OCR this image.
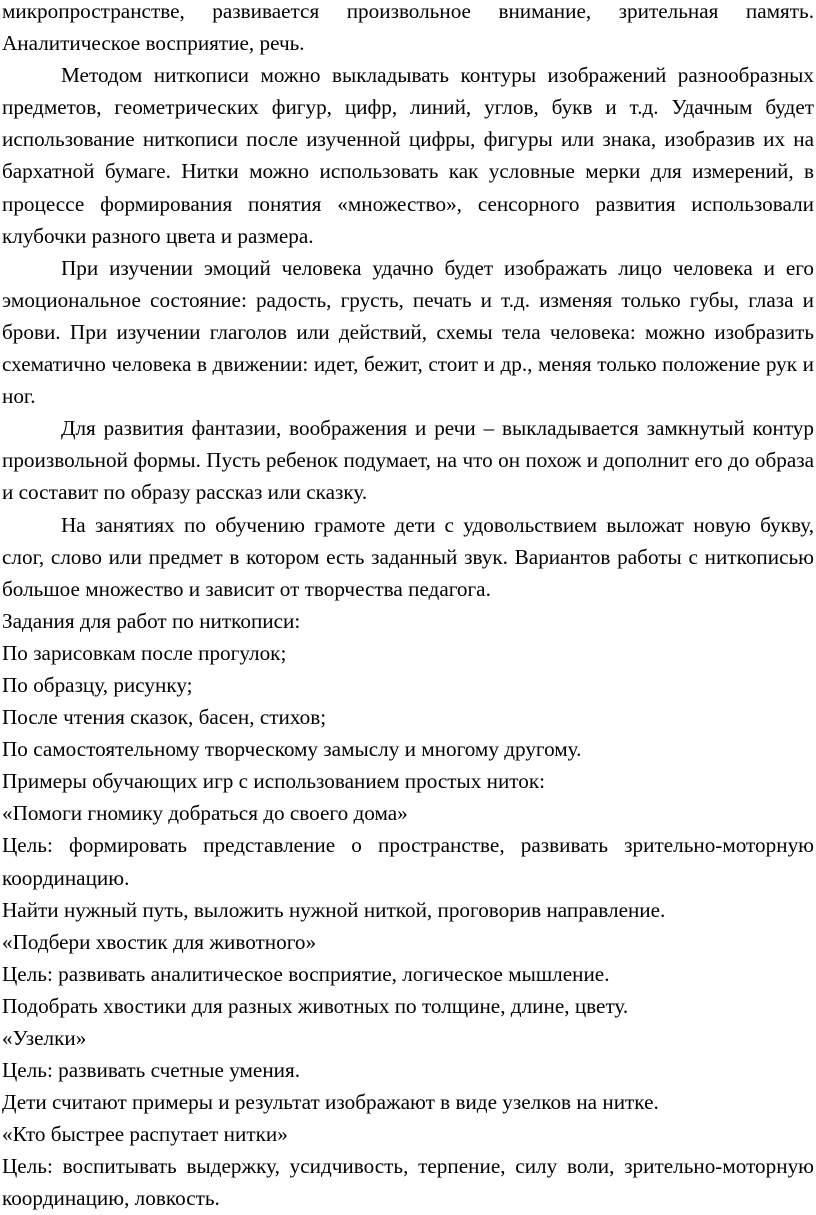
микропространстве, развивается произвольное внимание, зрительная память. Аналитическое восприятие, речь.

Методом ниткописи можно выкладывать контуры изображений разнообразных предметов, геометрических фигур, цифр, линий, углов, букв и т.д. Удачным будет использование ниткописи после изученной цифры, фигуры или знака, изобразив их на бархатной бумаге. Нитки можно использовать как условные мерки для измерений, в процессе формирования понятия «множество», сенсорного развития использовали клубочки разного цвета и размера.

При изучении эмоций человека удачно будет изображать лицо человека и его эмоциональное состояние: радость, грусть, печать и т.д. изменяя только губы, глаза и брови. При изучении глаголов или действий, схемы тела человека: можно изобразить схематично человека в движении: идет, бежит, стоит и др., меняя только положение рук и ног.

Для развития фантазии, воображения и речи – выкладывается замкнутый контур произвольной формы. Пусть ребенок подумает, на что он похож и дополнит его до образа и составит по образу рассказ или сказку.

На занятиях по обучению грамоте дети с удовольствием выложат новую букву, слог, слово или предмет в котором есть заданный звук. Вариантов работы с ниткописью большое множество и зависит от творчества педагога.

Задания для работ по ниткописи:

По зарисовкам после прогулок;

По образцу, рисунку;

После чтения сказок, басен, стихов;

По самостоятельному творческому замыслу и многому другому.

Примеры обучающих игр с использованием простых ниток:

«Помоги гномику добраться до своего дома»

Цель: формировать представление о пространстве, развивать зрительно-моторную координацию.

Найти нужный путь, выложить нужной ниткой, проговорив направление.

«Подбери хвостик для животного»

Цель: развивать аналитическое восприятие, логическое мышление.

Подобрать хвостики для разных животных по толщине, длине, цвету.

«Узелки»

Цель: развивать счетные умения.

Дети считают примеры и результат изображают в виде узелков на нитке.

«Кто быстрее распутает нитки»

Цель: воспитывать выдержку, усидчивость, терпение, силу воли, зрительно-моторную координацию, ловкость.
